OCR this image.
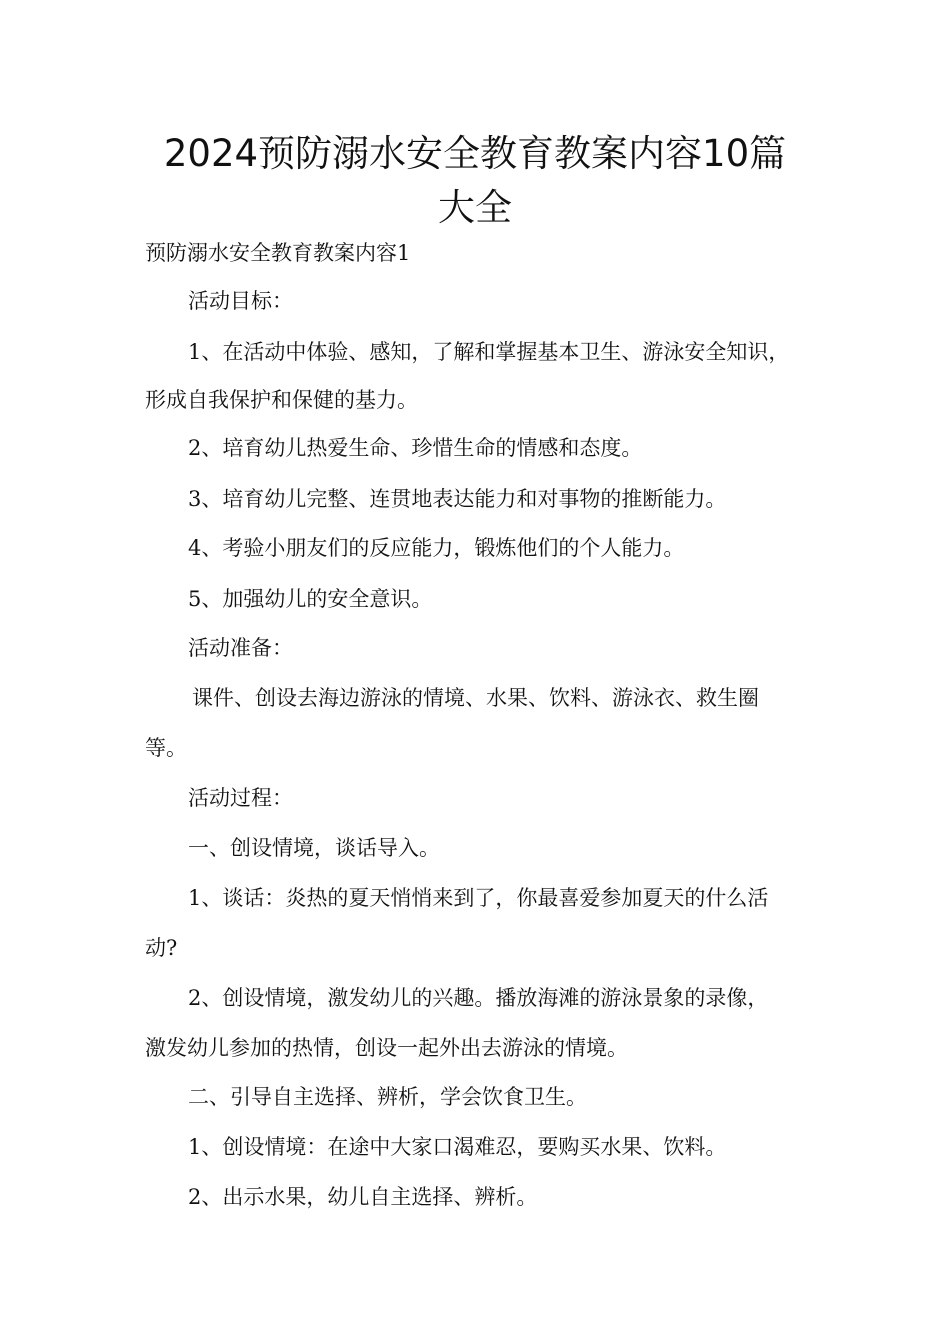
2024预防溺水安全教育教案内容10篇
大全
预防溺水安全教育教案内容1
活动目标：
1、在活动中体验、感知，了解和掌握基本卫生、游泳安全知识，
形成自我保护和保健的基力。
2、培育幼儿热爱生命、珍惜生命的情感和态度。
3、培育幼儿完整、连贯地表达能力和对事物的推断能力。
4、考验小朋友们的反应能力，锻炼他们的个人能力。
5、加强幼儿的安全意识。
活动准备：
课件、创设去海边游泳的情境、水果、饮料、游泳衣、救生圈
等。
活动过程：
一、创设情境，谈话导入。
1、谈话：炎热的夏天悄悄来到了，你最喜爱参加夏天的什么活
动?
2、创设情境，激发幼儿的兴趣。播放海滩的游泳景象的录像，
激发幼儿参加的热情，创设一起外出去游泳的情境。
二、引导自主选择、辨析，学会饮食卫生。
1、创设情境：在途中大家口渴难忍，要购买水果、饮料。
2、出示水果，幼儿自主选择、辨析。
